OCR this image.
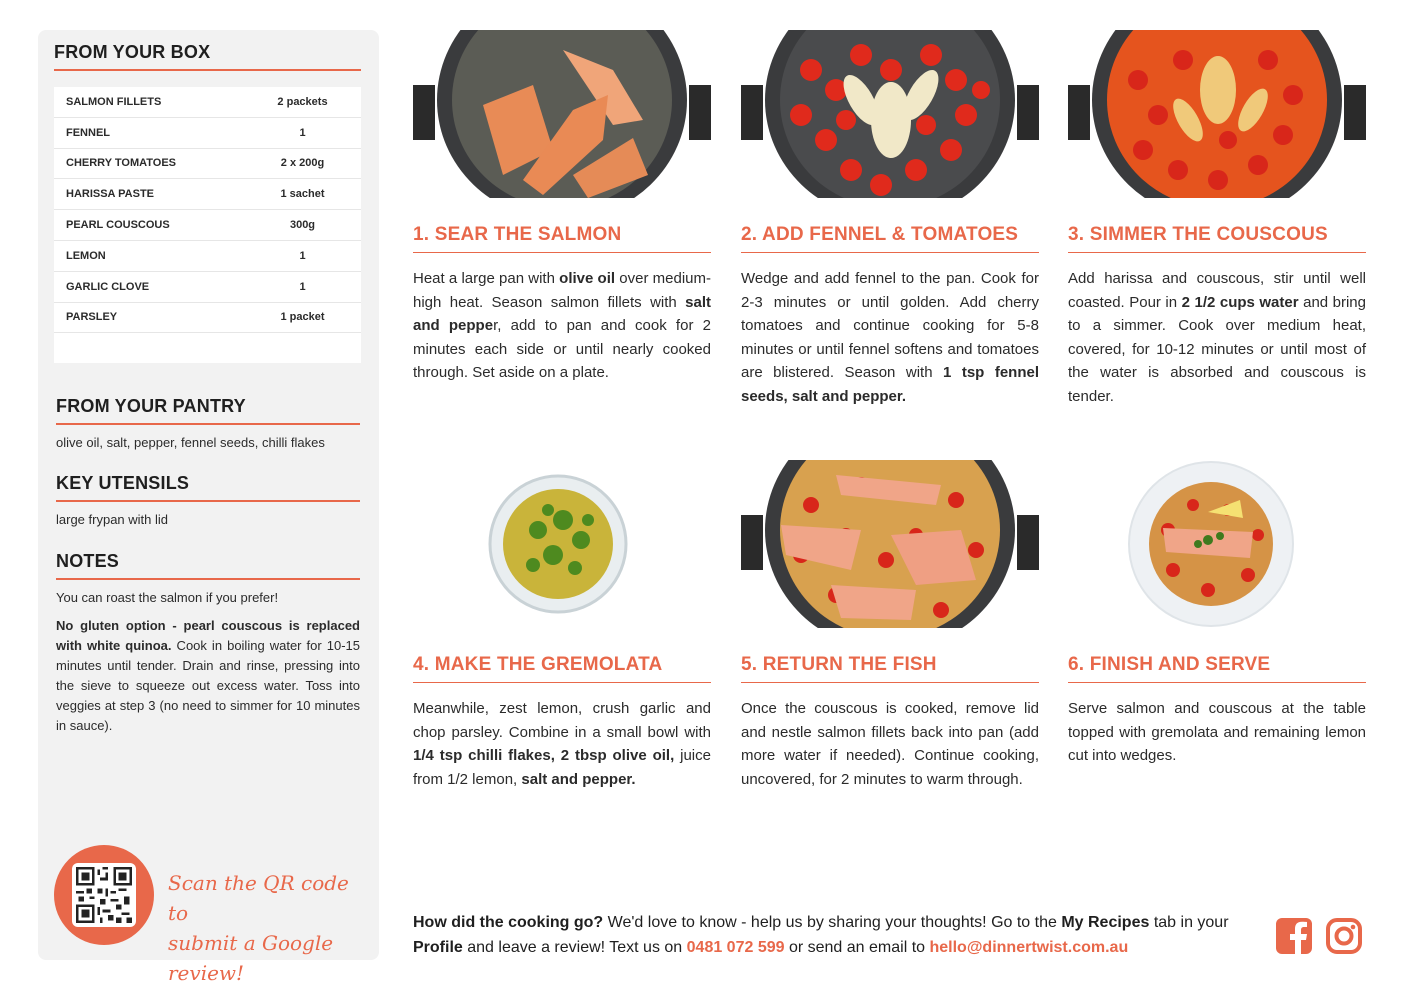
FROM YOUR BOX
SALMON FILLETS	2 packets
FENNEL	1
CHERRY TOMATOES	2 x 200g
HARISSA PASTE	1 sachet
PEARL COUSCOUS	300g
LEMON	1
GARLIC CLOVE	1
PARSLEY	1 packet
FROM YOUR PANTRY
olive oil, salt, pepper, fennel seeds, chilli flakes
KEY UTENSILS
large frypan with lid
NOTES
You can roast the salmon if you prefer!
No gluten option - pearl couscous is replaced with white quinoa. Cook in boiling water for 10-15 minutes until tender. Drain and rinse, pressing into the sieve to squeeze out excess water. Toss into veggies at step 3 (no need to simmer for 10 minutes in sauce).
Scan the QR code to
submit a Google review!
1. SEAR THE SALMON
Heat a large pan with olive oil over medium-high heat. Season salmon fillets with salt and pepper, add to pan and cook for 2 minutes each side or until nearly cooked through. Set aside on a plate.
2. ADD FENNEL & TOMATOES
Wedge and add fennel to the pan. Cook for 2-3 minutes or until golden. Add cherry tomatoes and continue cooking for 5-8 minutes or until fennel softens and tomatoes are blistered. Season with 1 tsp fennel seeds, salt and pepper.
3. SIMMER THE COUSCOUS
Add harissa and couscous, stir until well coasted. Pour in 2 1/2 cups water and bring to a simmer. Cook over medium heat, covered, for 10-12 minutes or until most of the water is absorbed and couscous is tender.
4. MAKE THE GREMOLATA
Meanwhile, zest lemon, crush garlic and chop parsley. Combine in a small bowl with 1/4 tsp chilli flakes, 2 tbsp olive oil, juice from 1/2 lemon, salt and pepper.
5. RETURN THE FISH
Once the couscous is cooked, remove lid and nestle salmon fillets back into pan (add more water if needed). Continue cooking, uncovered, for 2 minutes to warm through.
6. FINISH AND SERVE
Serve salmon and couscous at the table topped with gremolata and remaining lemon cut into wedges.
How did the cooking go? We'd love to know - help us by sharing your thoughts! Go to the My Recipes tab in your Profile and leave a review! Text us on 0481 072 599 or send an email to hello@dinnertwist.com.au
